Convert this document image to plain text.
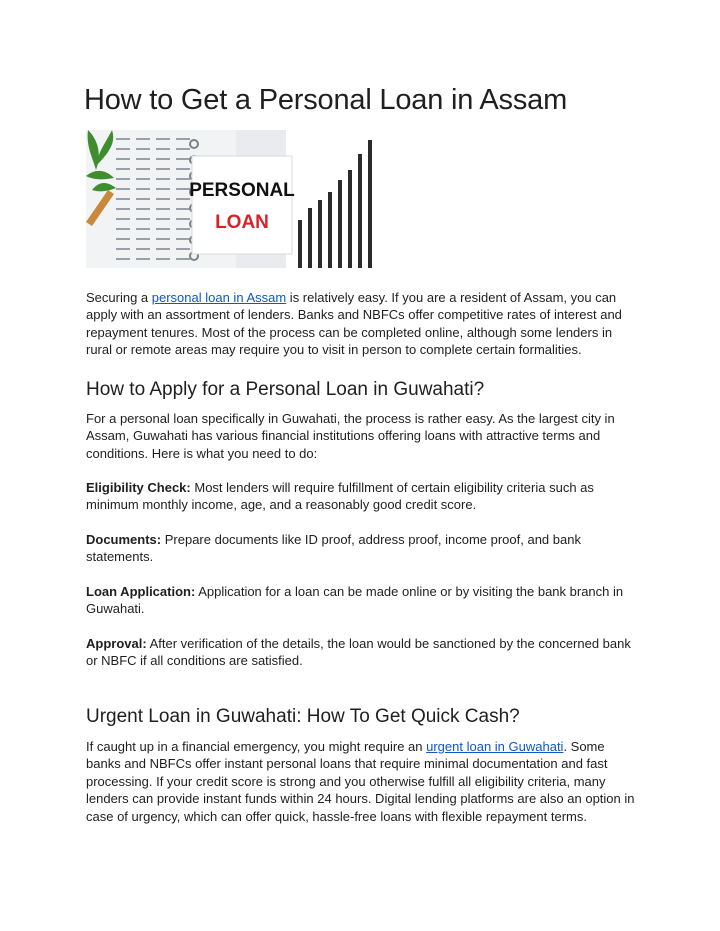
How to Get a Personal Loan in Assam
PERSONAL
LOAN

Securing a personal loan in Assam is relatively easy. If you are a resident of Assam, you can apply with an assortment of lenders. Banks and NBFCs offer competitive rates of interest and repayment tenures. Most of the process can be completed online, although some lenders in rural or remote areas may require you to visit in person to complete certain formalities.

How to Apply for a Personal Loan in Guwahati?

For a personal loan specifically in Guwahati, the process is rather easy. As the largest city in Assam, Guwahati has various financial institutions offering loans with attractive terms and conditions. Here is what you need to do:

Eligibility Check: Most lenders will require fulfillment of certain eligibility criteria such as minimum monthly income, age, and a reasonably good credit score.

Documents: Prepare documents like ID proof, address proof, income proof, and bank statements.

Loan Application: Application for a loan can be made online or by visiting the bank branch in Guwahati.

Approval: After verification of the details, the loan would be sanctioned by the concerned bank or NBFC if all conditions are satisfied.

Urgent Loan in Guwahati: How To Get Quick Cash?

If caught up in a financial emergency, you might require an urgent loan in Guwahati. Some banks and NBFCs offer instant personal loans that require minimal documentation and fast processing. If your credit score is strong and you otherwise fulfill all eligibility criteria, many lenders can provide instant funds within 24 hours. Digital lending platforms are also an option in case of urgency, which can offer quick, hassle-free loans with flexible repayment terms.
